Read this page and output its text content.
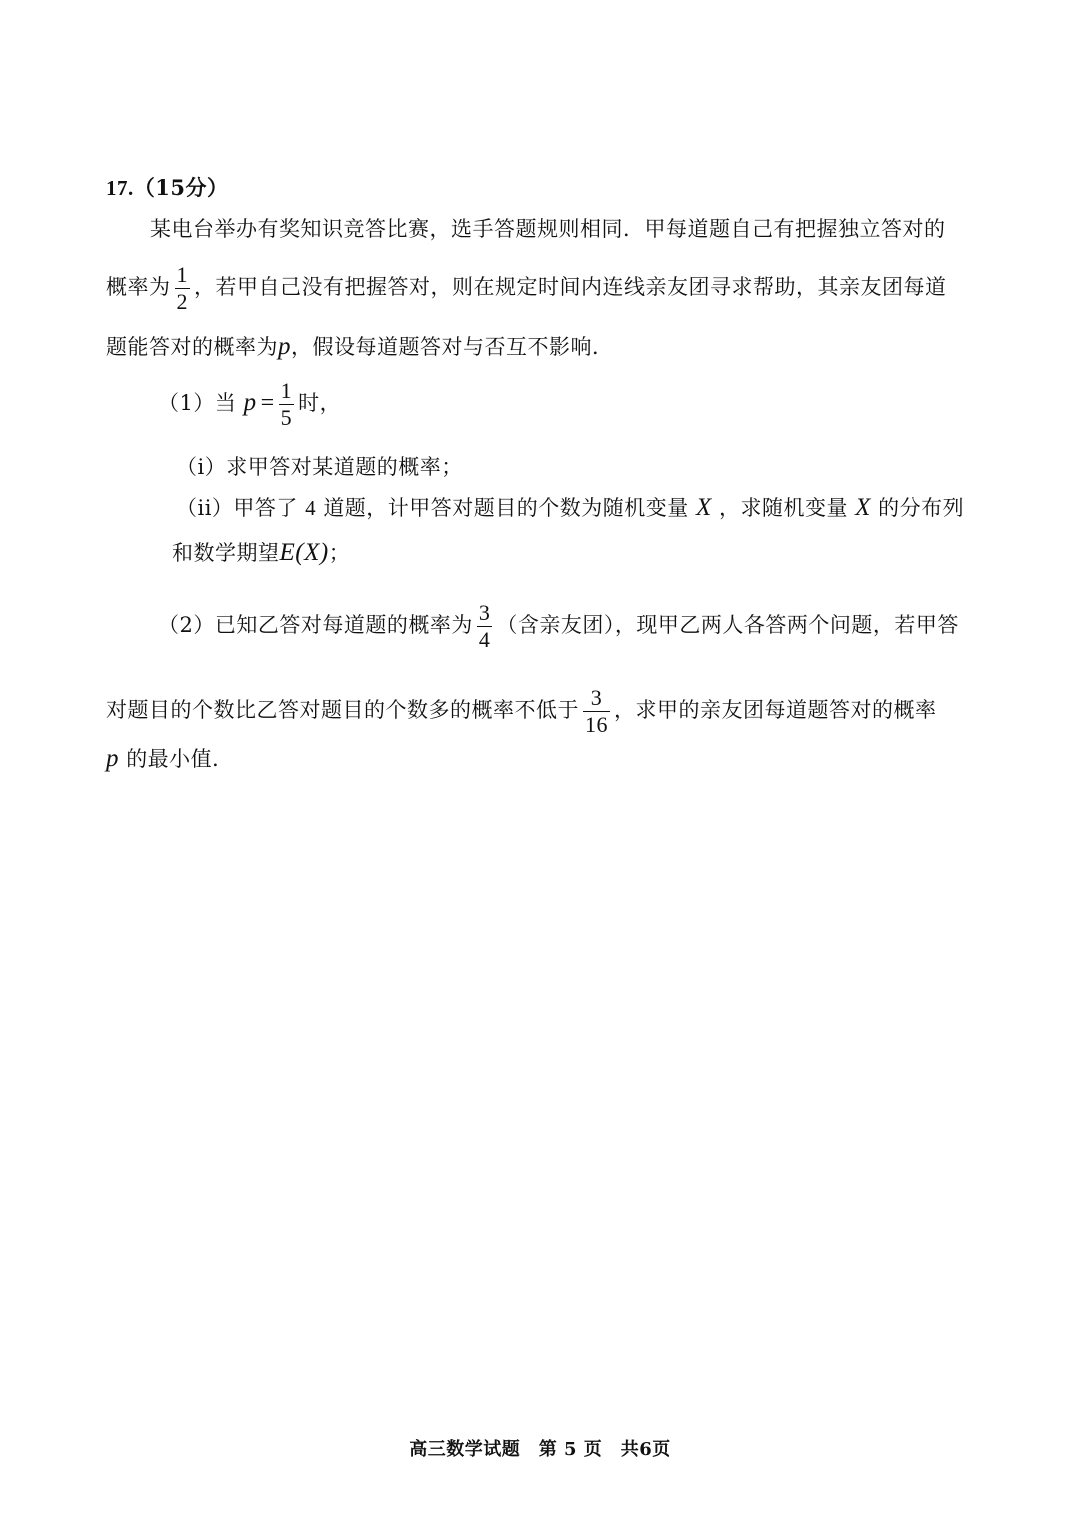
17.（15分）
某电台举办有奖知识竞答比赛，选手答题规则相同．甲每道题自己有把握独立答对的
概率为 $\frac{1}{2}$ ，若甲自己没有把握答对，则在规定时间内连线亲友团寻求帮助，其亲友团每道
题能答对的概率为p，假设每道题答对与否互不影响．
（1）当 $p = \frac{1}{5}$ 时，
（i）求甲答对某道题的概率；
（ii）甲答了 4 道题，计甲答对题目的个数为随机变量 X ，求随机变量 X 的分布列
和数学期望E(X)；
（2）已知乙答对每道题的概率为 $\frac{3}{4}$ （含亲友团），现甲乙两人各答两个问题，若甲答
对题目的个数比乙答对题目的个数多的概率不低于 $\frac{3}{16}$ ，求甲的亲友团每道题答对的概率
p 的最小值．
高三数学试题　第 5 页　共6页
